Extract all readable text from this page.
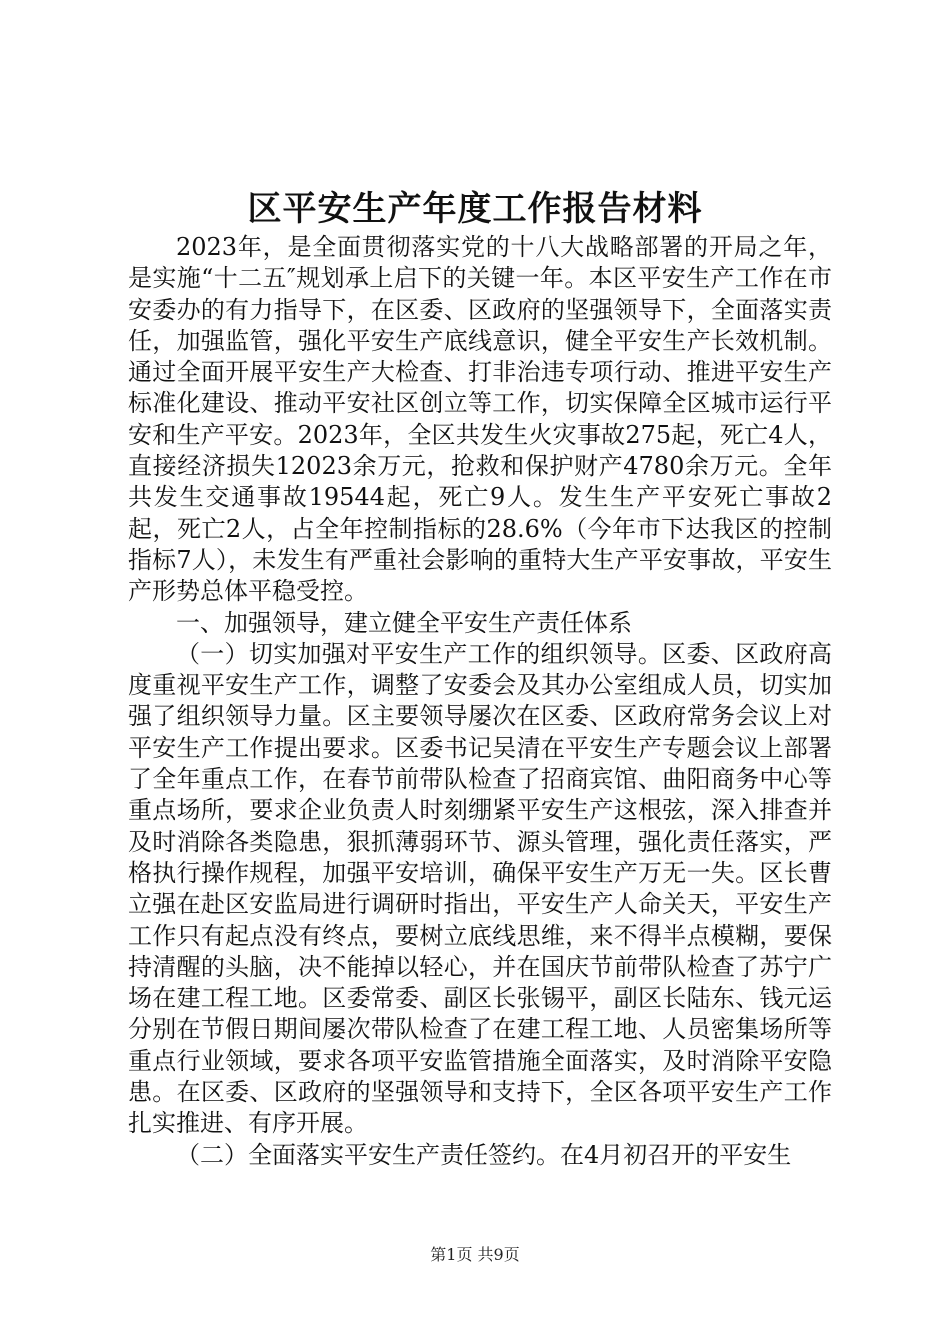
区平安生产年度工作报告材料

2023年，是全面贯彻落实党的十八大战略部署的开局之年，是实施“十二五″规划承上启下的关键一年。本区平安生产工作在市安委办的有力指导下，在区委、区政府的坚强领导下，全面落实责任，加强监管，强化平安生产底线意识，健全平安生产长效机制。通过全面开展平安生产大检查、打非治违专项行动、推进平安生产标准化建设、推动平安社区创立等工作，切实保障全区城市运行平安和生产平安。2023年，全区共发生火灾事故275起，死亡4人，直接经济损失12023余万元，抢救和保护财产4780余万元。全年共发生交通事故19544起，死亡9人。发生生产平安死亡事故2起，死亡2人，占全年控制指标的28.6%（今年市下达我区的控制指标7人），未发生有严重社会影响的重特大生产平安事故，平安生产形势总体平稳受控。

一、加强领导，建立健全平安生产责任体系

（一）切实加强对平安生产工作的组织领导。区委、区政府高度重视平安生产工作，调整了安委会及其办公室组成人员，切实加强了组织领导力量。区主要领导屡次在区委、区政府常务会议上对平安生产工作提出要求。区委书记吴清在平安生产专题会议上部署了全年重点工作，在春节前带队检查了招商宾馆、曲阳商务中心等重点场所，要求企业负责人时刻绷紧平安生产这根弦，深入排查并及时消除各类隐患，狠抓薄弱环节、源头管理，强化责任落实，严格执行操作规程，加强平安培训，确保平安生产万无一失。区长曹立强在赴区安监局进行调研时指出，平安生产人命关天，平安生产工作只有起点没有终点，要树立底线思维，来不得半点模糊，要保持清醒的头脑，决不能掉以轻心，并在国庆节前带队检查了苏宁广场在建工程工地。区委常委、副区长张锡平，副区长陆东、钱元运分别在节假日期间屡次带队检查了在建工程工地、人员密集场所等重点行业领域，要求各项平安监管措施全面落实，及时消除平安隐患。在区委、区政府的坚强领导和支持下，全区各项平安生产工作扎实推进、有序开展。

（二）全面落实平安生产责任签约。在4月初召开的平安生

第1页 共9页
